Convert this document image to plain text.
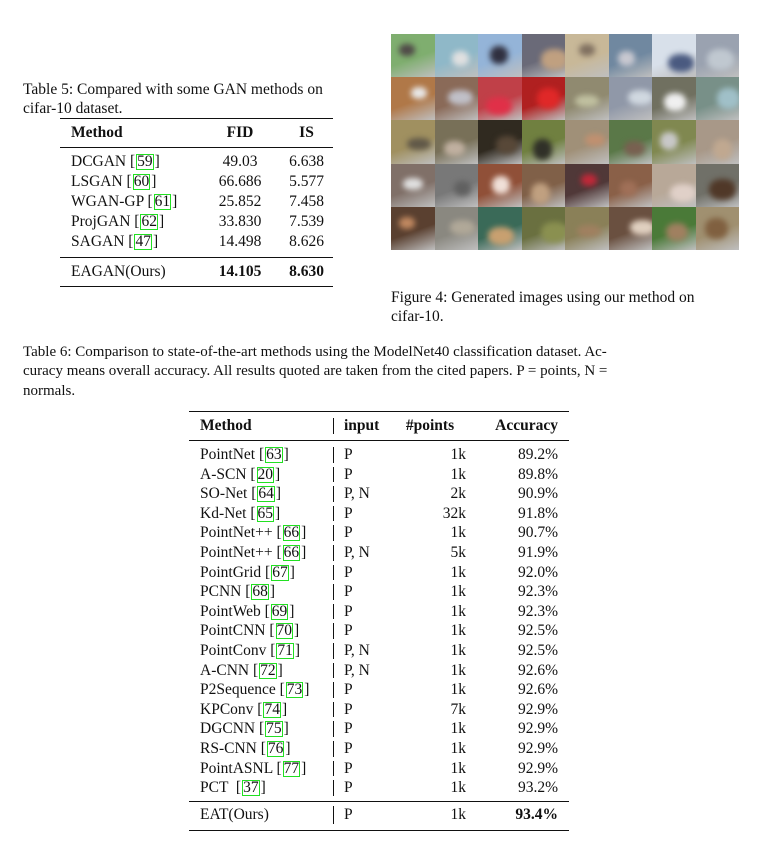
Table 5: Compared with some GAN methods on
cifar-10 dataset.
Method	FID	IS
DCGAN [ 59 ]	49.03	6.638
LSGAN [ 60 ]	66.686	5.577
WGAN-GP [ 61 ]	25.852	7.458
ProjGAN [ 62 ]	33.830	7.539
SAGAN [ 47 ]	14.498	8.626
EAGAN(Ours)	14.105	8.630
Figure 4: Generated images using our method on
cifar-10.
Table 6: Comparison to state-of-the-art methods using the ModelNet40 classification dataset. Ac-
curacy means overall accuracy. All results quoted are taken from the cited papers. P = points, N =
normals.
Method	input	#points	Accuracy
PointNet [ 63 ]	P	1k	89.2%
A-SCN [ 20 ]	P	1k	89.8%
SO-Net [ 64 ]	P, N	2k	90.9%
Kd-Net [ 65 ]	P	32k	91.8%
PointNet++ [ 66 ]	P	1k	90.7%
PointNet++ [ 66 ]	P, N	5k	91.9%
PointGrid [ 67 ]	P	1k	92.0%
PCNN [ 68 ]	P	1k	92.3%
PointWeb [ 69 ]	P	1k	92.3%
PointCNN [ 70 ]	P	1k	92.5%
PointConv [ 71 ]	P, N	1k	92.5%
A-CNN [ 72 ]	P, N	1k	92.6%
P2Sequence [ 73 ]	P	1k	92.6%
KPConv [ 74 ]	P	7k	92.9%
DGCNN [ 75 ]	P	1k	92.9%
RS-CNN [ 76 ]	P	1k	92.9%
PointASNL [ 77 ]	P	1k	92.9%
PCT  [ 37 ]	P	1k	93.2%
EAT(Ours)	P	1k	93.4%
